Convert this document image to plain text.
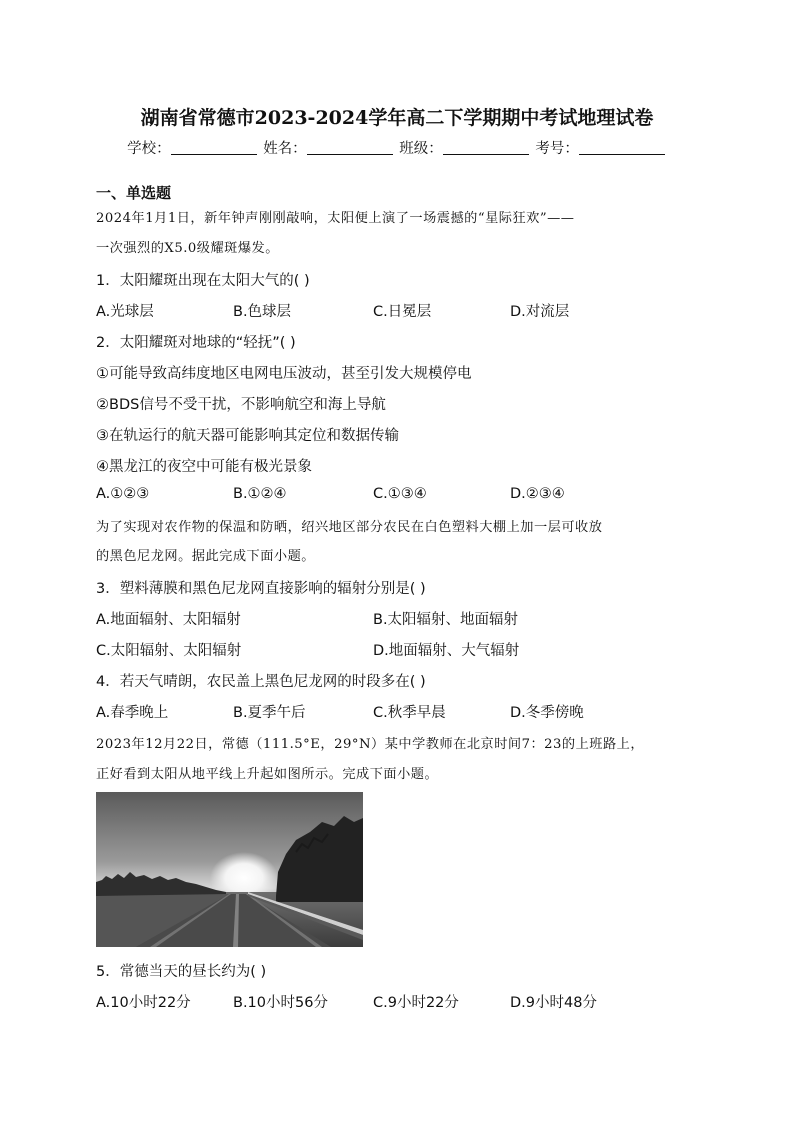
湖南省常德市2023-2024学年高二下学期期中考试地理试卷
学校：	姓名：	班级：	考号：
一、单选题
2024年1月1日，新年钟声刚刚敲响，太阳便上演了一场震撼的“星际狂欢”——
一次强烈的X5.0级耀斑爆发。
1．太阳耀斑出现在太阳大气的( )
A.光球层	B.色球层	C.日冕层	D.对流层
2．太阳耀斑对地球的“轻抚”( )
①可能导致高纬度地区电网电压波动，甚至引发大规模停电
②BDS信号不受干扰，不影响航空和海上导航
③在轨运行的航天器可能影响其定位和数据传输
④黑龙江的夜空中可能有极光景象
A.①②③	B.①②④	C.①③④	D.②③④
为了实现对农作物的保温和防晒，绍兴地区部分农民在白色塑料大棚上加一层可收放
的黑色尼龙网。据此完成下面小题。
3．塑料薄膜和黑色尼龙网直接影响的辐射分别是( )
A.地面辐射、太阳辐射	B.太阳辐射、地面辐射
C.太阳辐射、太阳辐射	D.地面辐射、大气辐射
4．若天气晴朗，农民盖上黑色尼龙网的时段多在( )
A.春季晚上	B.夏季午后	C.秋季早晨	D.冬季傍晚
2023年12月22日，常德（111.5°E，29°N）某中学教师在北京时间7：23的上班路上，
正好看到太阳从地平线上升起如图所示。完成下面小题。
5．常德当天的昼长约为( )
A.10小时22分	B.10小时56分	C.9小时22分	D.9小时48分
